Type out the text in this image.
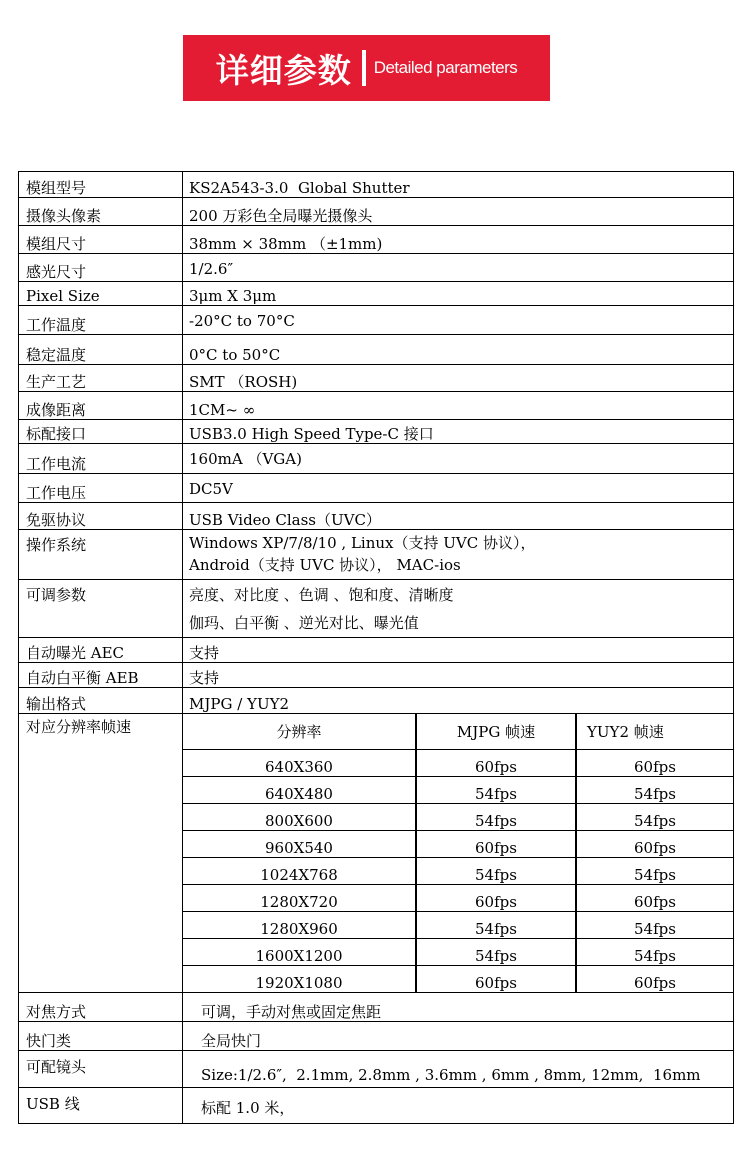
详细参数 Detailed parameters
模组型号	KS2A543-3.0  Global Shutter
摄像头像素	200 万彩色全局曝光摄像头
模组尺寸	38mm × 38mm （±1mm)
感光尺寸	1/2.6″
Pixel Size	3μm X 3μm
工作温度	-20°C to 70°C
稳定温度	0°C to 50°C
生产工艺	SMT （ROSH)
成像距离	1CM~ ∞
标配接口	USB3.0 High Speed Type-C 接口
工作电流	160mA （VGA)
工作电压	DC5V
免驱协议	USB Video Class（UVC）
操作系统	Windows XP/7/8/10 , Linux（支持 UVC 协议），
Android（支持 UVC 协议）， MAC-ios

可调参数	亮度、对比度 、色调 、饱和度、清晰度
伽玛、白平衡 、逆光对比、曝光值

自动曝光 AEC	支持
自动白平衡 AEB	支持
输出格式	MJPG / YUY2
对应分辨率帧速		分辨率	MJPG 帧速	YUY2 帧速
640X360	60fps	60fps
640X480	54fps	54fps
800X600	54fps	54fps
960X540	60fps	60fps
1024X768	54fps	54fps
1280X720	60fps	60fps
1280X960	54fps	54fps
1600X1200	54fps	54fps
1920X1080	60fps	60fps

对焦方式	可调，手动对焦或固定焦距
快门类	全局快门
可配镜头	Size:1/2.6″,  2.1mm, 2.8mm , 3.6mm , 6mm , 8mm, 12mm,  16mm
USB 线	标配 1.0 米，
